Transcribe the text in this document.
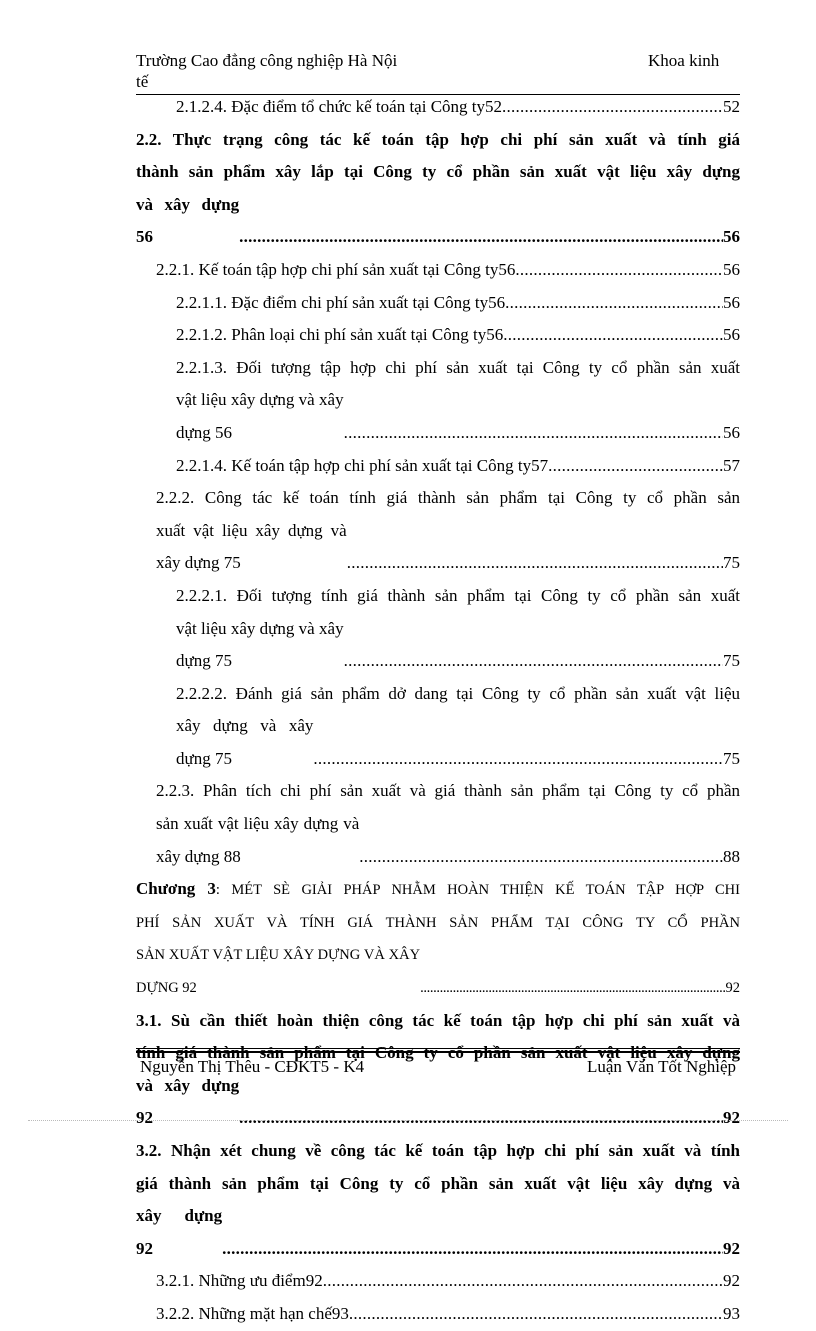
Trường Cao đẳng công nghiệp Hà Nội	Khoa kinh
tế
2.1.2.4. Đặc điểm tổ chức kế toán tại Công ty52 . . .	52
2.2. Thực trạng công tác kế toán tập hợp chi phí sản xuất và tính giá
thành sản phẩm xây lắp tại Công ty cổ phần sản xuất vật liệu xây dựng
và xây dựng 56 . . .	56
2.2.1. Kế toán tập hợp chi phí sản xuất tại Công ty56 . . .	56
2.2.1.1. Đặc điểm chi phí sản xuất tại Công ty56 . . .	56
2.2.1.2. Phân loại chi phí sản xuất tại Công ty56 . . .	56
2.2.1.3. Đối tượng tập hợp chi phí sản xuất tại Công ty cổ phần sản xuất
vật liệu xây dựng và xây dựng 56 . . .	56
2.2.1.4. Kế toán tập hợp chi phí sản xuất tại Công ty57 . . .	57
2.2.2. Công tác kế toán tính giá thành sản phẩm tại Công ty cổ phần sản
xuất vật liệu xây dựng và xây dựng 75 . . .	75
2.2.2.1. Đối tượng tính giá thành sản phẩm tại Công ty cổ phần sản xuất
vật liệu xây dựng và xây dựng 75 . . .	75
2.2.2.2. Đánh giá sản phẩm dở dang tại Công ty cổ phần sản xuất vật liệu
xây dựng và xây dựng 75 . . .	75
2.2.3. Phân tích chi phí sản xuất và giá thành sản phẩm tại Công ty cổ phần
sản xuất vật liệu xây dựng và xây dựng 88 . . .	88
Chương 3: MÉT SÈ GIẢI PHÁP NHẰM HOÀN THIỆN KẾ TOÁN TẬP HỢP CHI
PHÍ SẢN XUẤT VÀ TÍNH GIÁ THÀNH SẢN PHẨM TẠI CÔNG TY CỔ PHẦN
SẢN XUẤT VẬT LIỆU XÂY DỰNG VÀ XÂY DỰNG 92 . . .	92
3.1. Sù cần thiết hoàn thiện công tác kế toán tập hợp chi phí sản xuất và
tính giá thành sản phẩm tại Công ty cổ phần sản xuất vật liệu xây dựng
và xây dựng 92 . . .	92
3.2. Nhận xét chung về công tác kế toán tập hợp chi phí sản xuất và tính
giá thành sản phẩm tại Công ty cổ phần sản xuất vật liệu xây dựng và
xây dựng 92 . . .	92
3.2.1. Những ưu điểm92 . . .	92
3.2.2. Những mặt hạn chế93 . . .	93
Nguyễn Thị Thêu - CĐKT5 - K4	Luận Văn Tốt Nghiệp
